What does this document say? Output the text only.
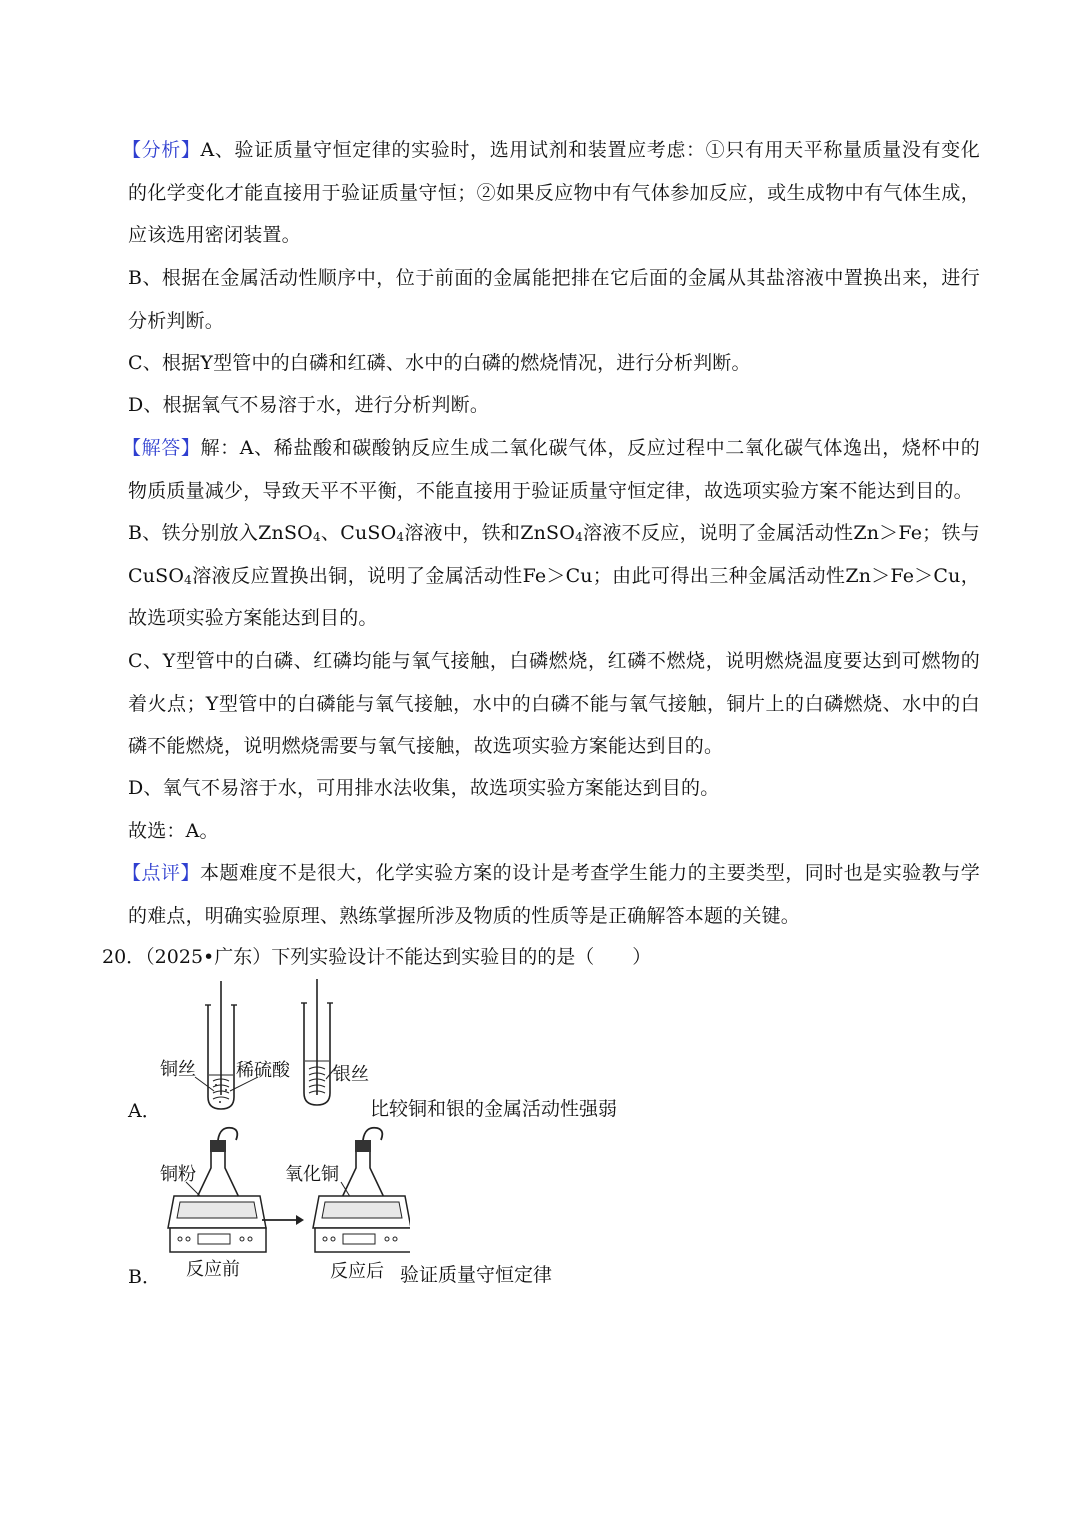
【分析】A、验证质量守恒定律的实验时，选用试剂和装置应考虑：①只有用天平称量质量没有变化的化学变化才能直接用于验证质量守恒；②如果反应物中有气体参加反应，或生成物中有气体生成，应该选用密闭装置。
B、根据在金属活动性顺序中，位于前面的金属能把排在它后面的金属从其盐溶液中置换出来，进行分析判断。
C、根据Y型管中的白磷和红磷、水中的白磷的燃烧情况，进行分析判断。
D、根据氧气不易溶于水，进行分析判断。
【解答】解：A、稀盐酸和碳酸钠反应生成二氧化碳气体，反应过程中二氧化碳气体逸出，烧杯中的物质质量减少，导致天平不平衡，不能直接用于验证质量守恒定律，故选项实验方案不能达到目的。
B、铁分别放入ZnSO$_4$、CuSO$_4$溶液中，铁和ZnSO$_4$溶液不反应，说明了金属活动性Zn＞Fe；铁与CuSO$_4$溶液反应置换出铜，说明了金属活动性Fe＞Cu；由此可得出三种金属活动性Zn＞Fe＞Cu，故选项实验方案能达到目的。
C、Y型管中的白磷、红磷均能与氧气接触，白磷燃烧，红磷不燃烧，说明燃烧温度要达到可燃物的着火点；Y型管中的白磷能与氧气接触，水中的白磷不能与氧气接触，铜片上的白磷燃烧、水中的白磷不能燃烧，说明燃烧需要与氧气接触，故选项实验方案能达到目的。
D、氧气不易溶于水，可用排水法收集，故选项实验方案能达到目的。
故选：A。
【点评】本题难度不是很大，化学实验方案的设计是考查学生能力的主要类型，同时也是实验教与学的难点，明确实验原理、熟练掌握所涉及物质的性质等是正确解答本题的关键。
20．（2025•广东）下列实验设计不能达到实验目的的是（　　）
铜丝 稀硫酸 银丝
A．	比较铜和银的金属活动性强弱
铜粉	氧化铜
反应前	反应后
B．	验证质量守恒定律
